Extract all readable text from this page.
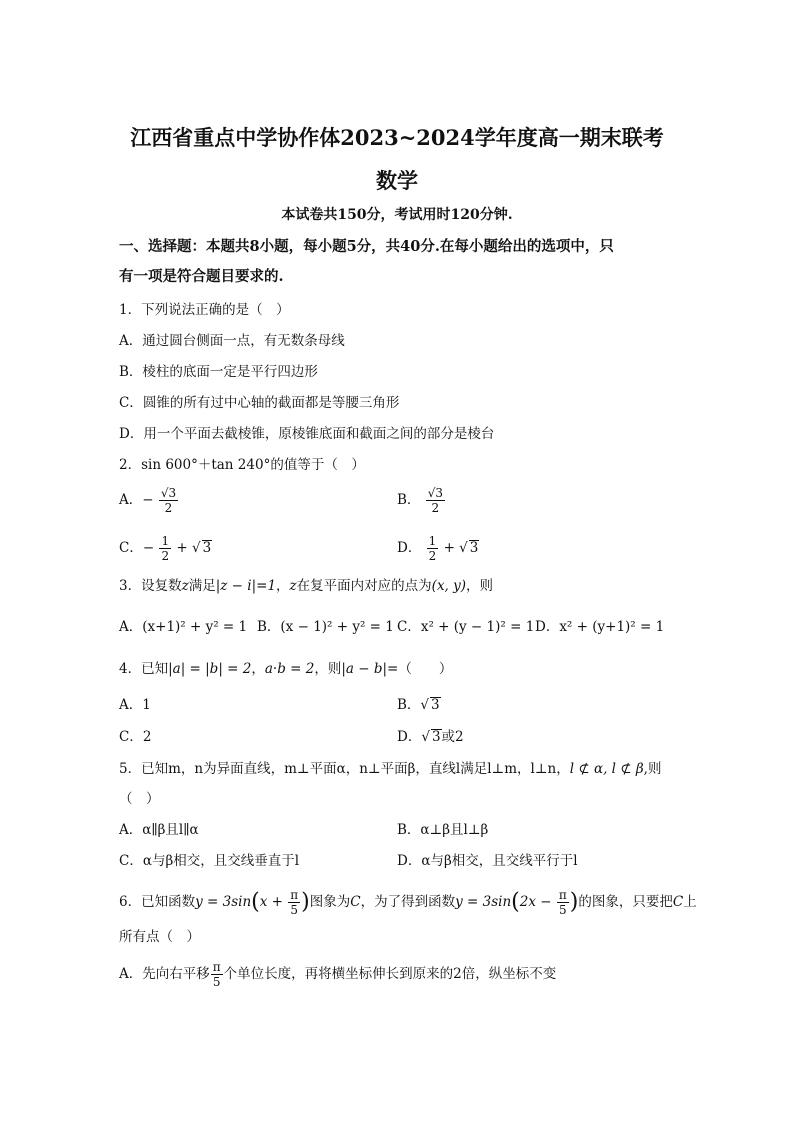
江西省重点中学协作体2023~2024学年度高一期末联考
数学
本试卷共150分，考试用时120分钟.
一、选择题：本题共8小题，每小题5分，共40分.在每小题给出的选项中，只
有一项是符合题目要求的.
1．下列说法正确的是（　）
A．通过圆台侧面一点，有无数条母线
B．棱柱的底面一定是平行四边形
C．圆锥的所有过中心轴的截面都是等腰三角形
D．用一个平面去截棱锥，原棱锥底面和截面之间的部分是棱台
2．sin 600°＋tan 240°的值等于（　）
A．− $\frac{√3}{2}$	B． $\frac{√3}{2}$
C．− $\frac{1}{2}$ + √ 3	D． $\frac{1}{2}$ + √ 3
3．设复数z满足|z − i|=1，z在复平面内对应的点为(x, y)，则
A．(x+1)² + y² = 1 B．(x − 1)² + y² = 1 C．x² + (y − 1)² = 1 D．x² + (y+1)² = 1
4．已知|a| = |b| = 2，a·b = 2，则|a − b|=（　　）
A．1	B．√ 3
C．2	D．√ 3或2
5．已知m，n为异面直线，m⊥平面α，n⊥平面β，直线l满足l⊥m，l⊥n，l ⊄ α, l ⊄ β,则
（　）
A．α∥β且l∥α	B．α⊥β且l⊥β
C．α与β相交，且交线垂直于l	D．α与β相交，且交线平行于l
6．已知函数$y = 3\sin(x + \frac{\pi}{5}$ )图象为C，为了得到函数$y = 3\sin(2x - \frac{\pi}{5}$ )的图象，只要把C上
所有点（　）
A．先向右平移 $\frac{\pi}{5}$ 个单位长度，再将横坐标伸长到原来的2倍，纵坐标不变
